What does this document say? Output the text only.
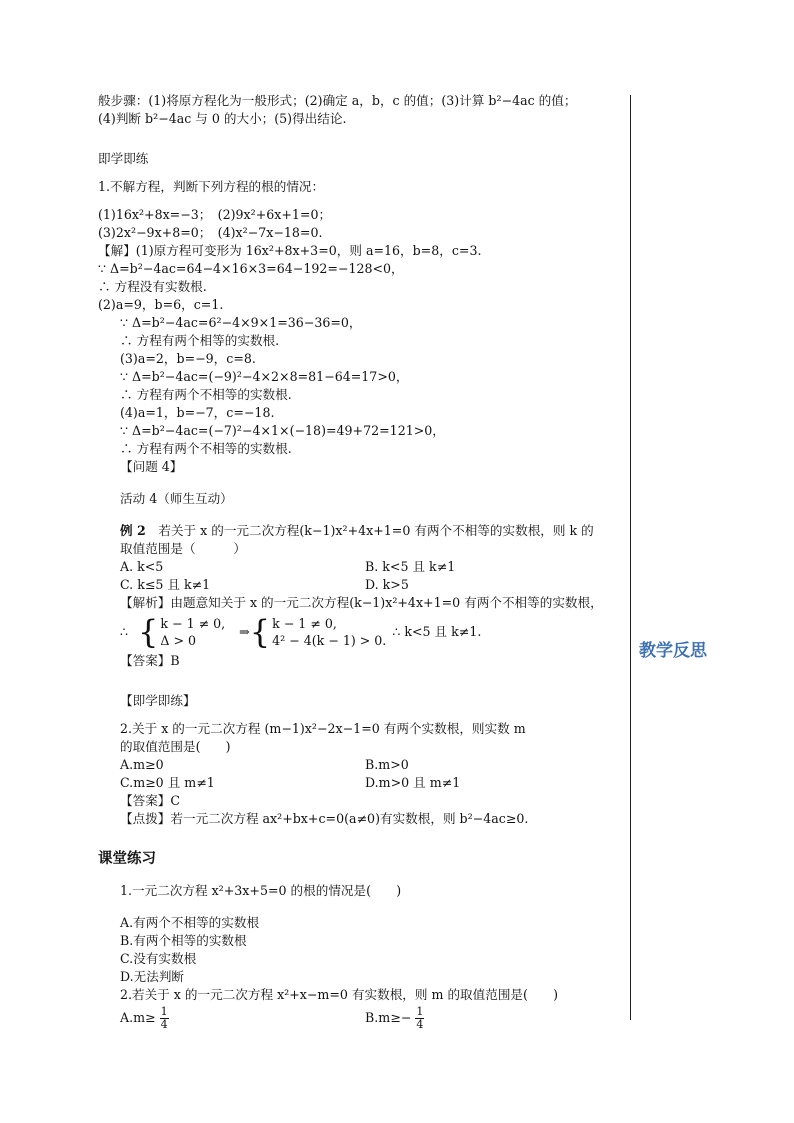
般步骤：(1)将原方程化为一般形式；(2)确定 a，b，c 的值；(3)计算 b²−4ac 的值；
(4)判断 b²−4ac 与 0 的大小；(5)得出结论.
即学即练
1.不解方程，判断下列方程的根的情况：
(1)16x²+8x=−3；　(2)9x²+6x+1=0；
(3)2x²−9x+8=0；　(4)x²−7x−18=0.
【解】(1)原方程可变形为 16x²+8x+3=0，则 a=16，b=8，c=3.
∵ Δ=b²−4ac=64−4×16×3=64−192=−128<0，
∴ 方程没有实数根.
(2)a=9，b=6，c=1.
∵ Δ=b²−4ac=6²−4×9×1=36−36=0，
∴ 方程有两个相等的实数根.
(3)a=2，b=−9，c=8.
∵ Δ=b²−4ac=(−9)²−4×2×8=81−64=17>0，
∴ 方程有两个不相等的实数根.
(4)a=1，b=−7，c=−18.
∵ Δ=b²−4ac=(−7)²−4×1×(−18)=49+72=121>0，
∴ 方程有两个不相等的实数根.
【问题 4】
活动 4（师生互动）
例 2　若关于 x 的一元二次方程(k−1)x²+4x+1=0 有两个不相等的实数根，则 k 的
取值范围是（　　　）
A. k<5	B. k<5 且 k≠1
C. k≤5 且 k≠1	D. k>5
【解析】由题意知关于 x 的一元二次方程(k−1)x²+4x+1=0 有两个不相等的实数根，
∴ { k − 1 ≠ 0,
Δ > 0
⇒ { k − 1 ≠ 0,
4² − 4(k − 1) > 0.
∴ k<5 且 k≠1.
【答案】B
【即学即练】
2.关于 x 的一元二次方程 (m−1)x²−2x−1=0 有两个实数根，则实数 m
的取值范围是(　　)
A.m≥0	B.m>0
C.m≥0 且 m≠1	D.m>0 且 m≠1
【答案】C
【点拨】若一元二次方程 ax²+bx+c=0(a≠0)有实数根，则 b²−4ac≥0.
课堂练习
1.一元二次方程 x²+3x+5=0 的根的情况是(　　)
A.有两个不相等的实数根
B.有两个相等的实数根
C.没有实数根
D.无法判断
2.若关于 x 的一元二次方程 x²+x−m=0 有实数根，则 m 的取值范围是(　　)
$A.m\ge \frac{1}{4}$	$B.m\ge- \frac{1}{4}$
教学反思
